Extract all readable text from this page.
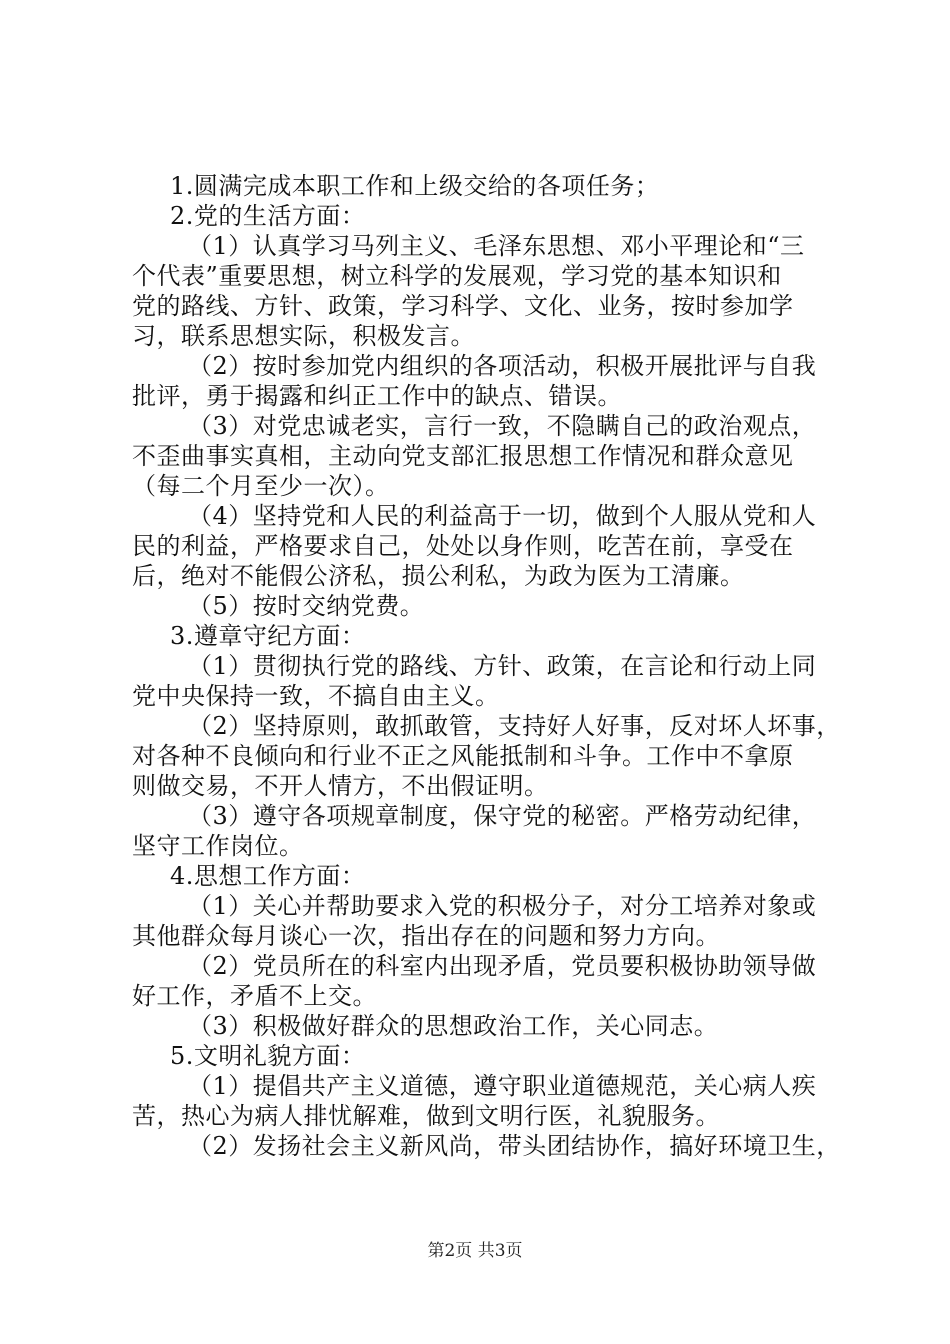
1.圆满完成本职工作和上级交给的各项任务；
2.党的生活方面：
（1）认真学习马列主义、毛泽东思想、邓小平理论和“三
个代表”重要思想，树立科学的发展观，学习党的基本知识和
党的路线、方针、政策，学习科学、文化、业务，按时参加学
习，联系思想实际，积极发言。
（2）按时参加党内组织的各项活动，积极开展批评与自我
批评，勇于揭露和纠正工作中的缺点、错误。
（3）对党忠诚老实，言行一致，不隐瞒自己的政治观点，
不歪曲事实真相，主动向党支部汇报思想工作情况和群众意见
（每二个月至少一次）。
（4）坚持党和人民的利益高于一切，做到个人服从党和人
民的利益，严格要求自己，处处以身作则，吃苦在前，享受在
后，绝对不能假公济私，损公利私，为政为医为工清廉。
（5）按时交纳党费。
3.遵章守纪方面：
（1）贯彻执行党的路线、方针、政策，在言论和行动上同
党中央保持一致，不搞自由主义。
（2）坚持原则，敢抓敢管，支持好人好事，反对坏人坏事，
对各种不良倾向和行业不正之风能抵制和斗争。工作中不拿原
则做交易，不开人情方，不出假证明。
（3）遵守各项规章制度，保守党的秘密。严格劳动纪律，
坚守工作岗位。
4.思想工作方面：
（1）关心并帮助要求入党的积极分子，对分工培养对象或
其他群众每月谈心一次，指出存在的问题和努力方向。
（2）党员所在的科室内出现矛盾，党员要积极协助领导做
好工作，矛盾不上交。
（3）积极做好群众的思想政治工作，关心同志。
5.文明礼貌方面：
（1）提倡共产主义道德，遵守职业道德规范，关心病人疾
苦，热心为病人排忧解难，做到文明行医，礼貌服务。
（2）发扬社会主义新风尚，带头团结协作，搞好环境卫生，
第2页 共3页
